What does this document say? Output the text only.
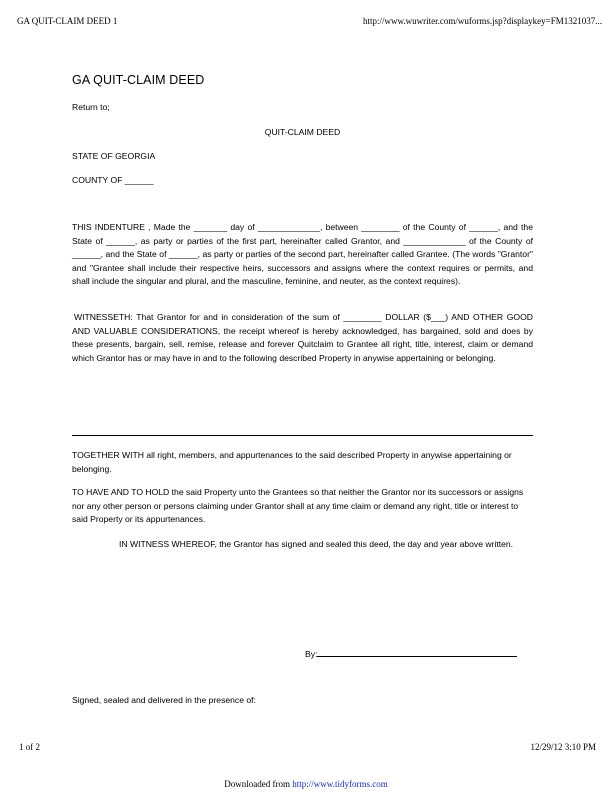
GA QUIT-CLAIM DEED 1	http://www.wuwriter.com/wuforms.jsp?displaykey=FM1321037...
GA QUIT-CLAIM DEED
Return to;
QUIT-CLAIM DEED
STATE OF GEORGIA
COUNTY OF ______
THIS INDENTURE , Made the _______ day of _____________, between ________ of the County of ______, and the State of ______, as party or parties of the first part, hereinafter called Grantor, and _____________ of the County of ______, and the State of ______, as party or parties of the second part, hereinafter called Grantee. (The words "Grantor" and "Grantee shall include their respective heirs, successors and assigns where the context requires or permits, and shall include the singular and plural, and the masculine, feminine, and neuter, as the context requires).
WITNESSETH: That Grantor for and in consideration of the sum of ________ DOLLAR ($___) AND OTHER GOOD AND VALUABLE CONSIDERATIONS, the receipt whereof is hereby acknowledged, has bargained, sold and does by these presents, bargain, sell, remise, release and forever Quitclaim to Grantee all right, title, interest, claim or demand which Grantor has or may have in and to the following described Property in anywise appertaining or belonging.
TOGETHER WITH all right, members, and appurtenances to the said described Property in anywise appertaining or belonging.
TO HAVE AND TO HOLD the said Property unto the Grantees so that neither the Grantor nor its successors or assigns nor any other person or persons claiming under Grantor shall at any time claim or demand any right, title or interest to said Property or its appurtenances.
IN WITNESS WHEREOF, the Grantor has signed and sealed this deed, the day and year above written.
By:
Signed, sealed and delivered in the presence of:
1 of 2	12/29/12 3:10 PM
Downloaded from http://www.tidyforms.com
